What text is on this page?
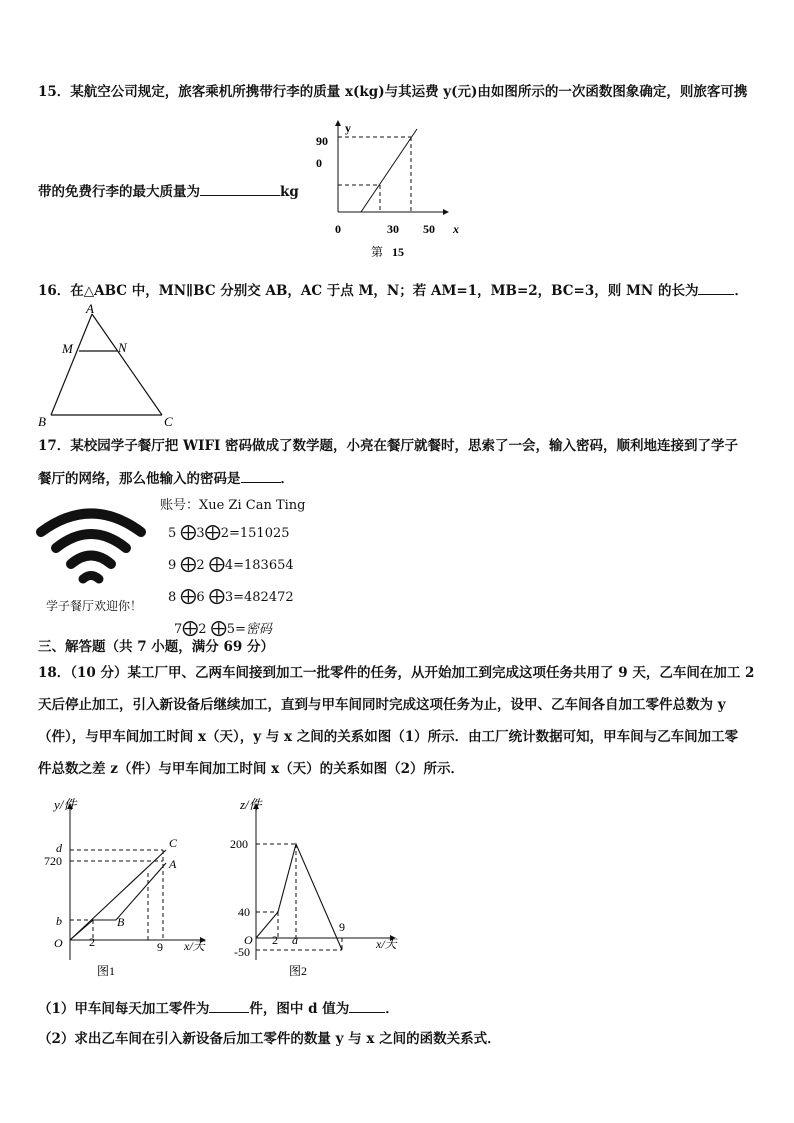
15．某航空公司规定，旅客乘机所携带行李的质量 x(kg)与其运费 y(元)由如图所示的一次函数图象确定，则旅客可携
带的免费行李的最大质量为	kg
y
90
0
0	30 50 x
第 15
16．在△ABC 中，MN∥BC 分别交 AB，AC 于点 M，N；若 AM=1，MB=2，BC=3，则 MN 的长为	．
A
M	N
B	C
17．某校园学子餐厅把 WIFI 密码做成了数学题，小亮在餐厅就餐时，思索了一会，输入密码，顺利地连接到了学子
餐厅的网络，那么他输入的密码是	．
学子餐厅欢迎你！
账号：Xue Zi Can Ting
5 ⨁3⨁2=151025
9 ⨁2 ⨁4=183654
8 ⨁6 ⨁3=482472
7⨁2 ⨁5=密码
三、解答题（共 7 小题，满分 69 分）
18．（10 分）某工厂甲、乙两车间接到加工一批零件的任务，从开始加工到完成这项任务共用了 9 天，乙车间在加工 2
天后停止加工，引入新设备后继续加工，直到与甲车间同时完成这项任务为止，设甲、乙车间各自加工零件总数为 y
（件），与甲车间加工时间 x（天），y 与 x 之间的关系如图（1）所示．由工厂统计数据可知，甲车间与乙车间加工零
件总数之差 z（件）与甲车间加工时间 x（天）的关系如图（2）所示．
y/件
d
720
b
O 2
B
9
C
A
x/天
图1
z/件
200
40
O 2 a
9
-50
x/天
图2
（1）甲车间每天加工零件为	件，图中 d 值为	．
（2）求出乙车间在引入新设备后加工零件的数量 y 与 x 之间的函数关系式．
